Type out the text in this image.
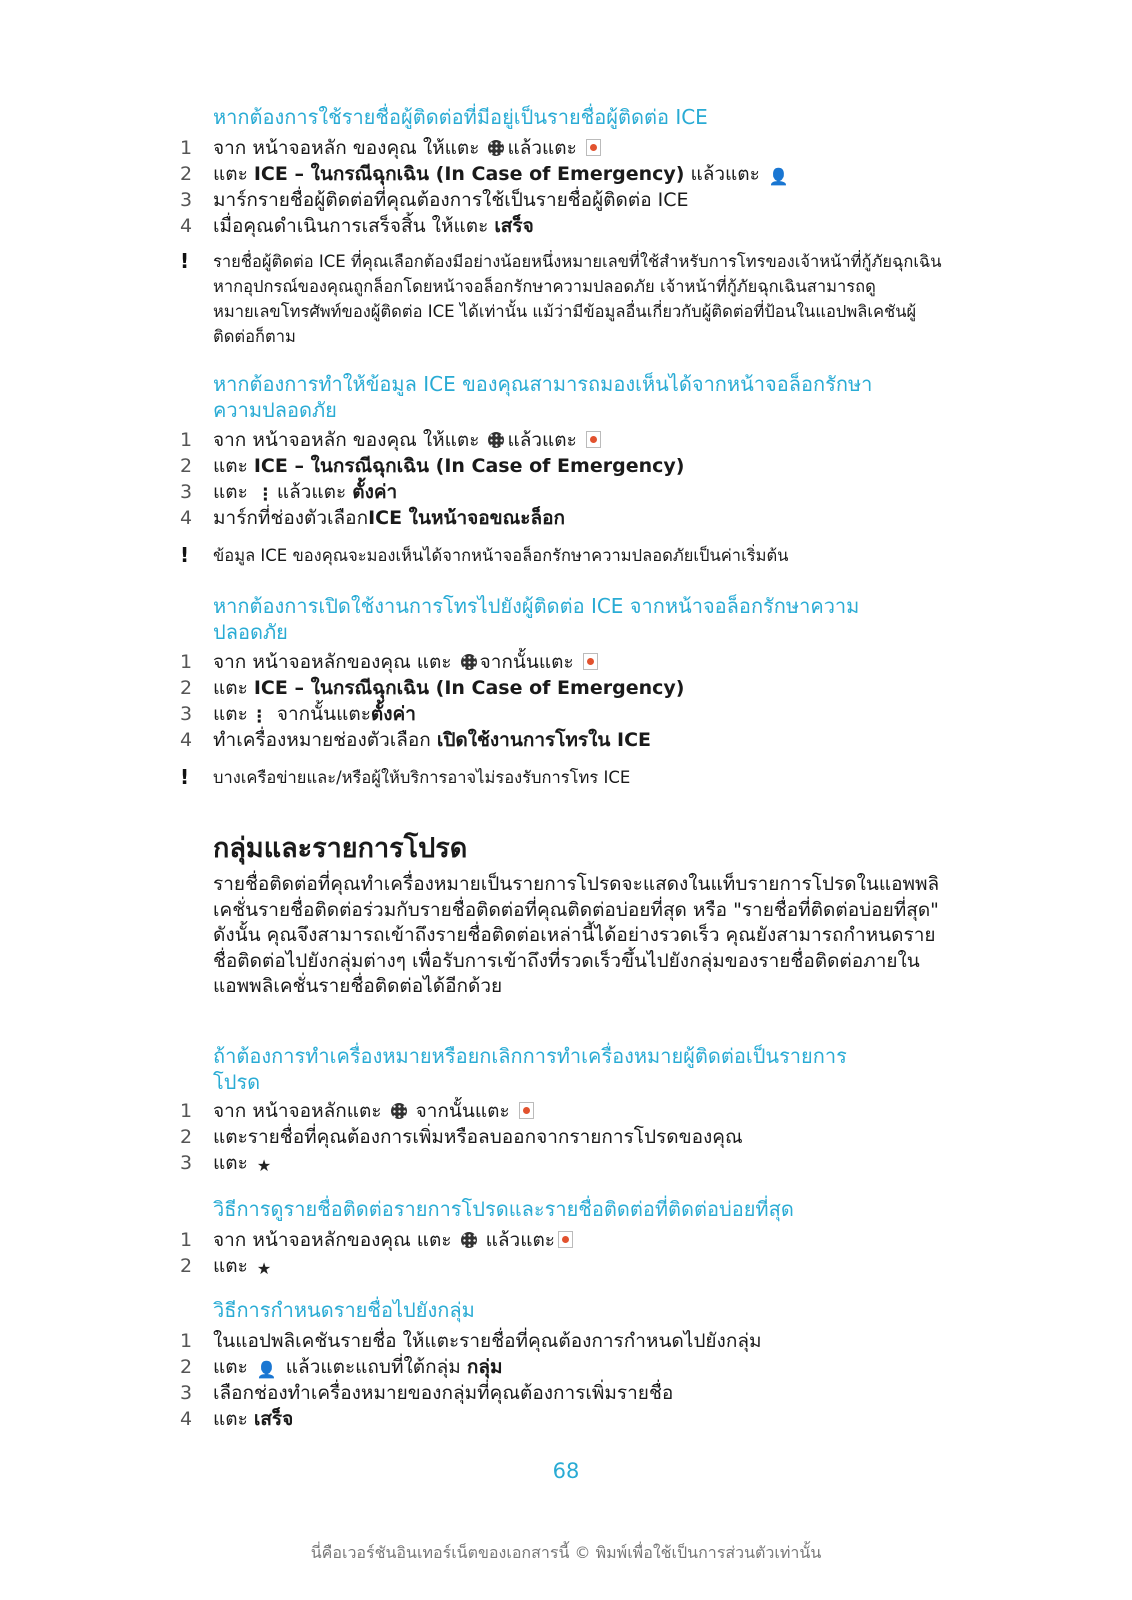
หากต้องการใช้รายชื่อผู้ติดต่อที่มีอยู่เป็นรายชื่อผู้ติดต่อ ICE
1	จาก หน้าจอหลัก ของคุณ ให้แตะ แล้วแตะ
2	แตะ ICE – ในกรณีฉุกเฉิน (In Case of Emergency) แล้วแตะ 👤
3	มาร์กรายชื่อผู้ติดต่อที่คุณต้องการใช้เป็นรายชื่อผู้ติดต่อ ICE
4	เมื่อคุณดำเนินการเสร็จสิ้น ให้แตะ เสร็จ
!	รายชื่อผู้ติดต่อ ICE ที่คุณเลือกต้องมีอย่างน้อยหนึ่งหมายเลขที่ใช้สำหรับการโทรของเจ้าหน้าที่กู้ภัยฉุกเฉิน หากอุปกรณ์ของคุณถูกล็อกโดยหน้าจอล็อกรักษาความปลอดภัย เจ้าหน้าที่กู้ภัยฉุกเฉินสามารถดูหมายเลขโทรศัพท์ของผู้ติดต่อ ICE ได้เท่านั้น แม้ว่ามีข้อมูลอื่นเกี่ยวกับผู้ติดต่อที่ป้อนในแอปพลิเคชันผู้ติดต่อก็ตาม
หากต้องการทำให้ข้อมูล ICE ของคุณสามารถมองเห็นได้จากหน้าจอล็อกรักษา
ความปลอดภัย
1	จาก หน้าจอหลัก ของคุณ ให้แตะ แล้วแตะ
2	แตะ ICE – ในกรณีฉุกเฉิน (In Case of Emergency)
3	แตะ ⋮ แล้วแตะ ตั้งค่า
4	มาร์กที่ช่องตัวเลือกICE ในหน้าจอขณะล็อก
!	ข้อมูล ICE ของคุณจะมองเห็นได้จากหน้าจอล็อกรักษาความปลอดภัยเป็นค่าเริ่มต้น
หากต้องการเปิดใช้งานการโทรไปยังผู้ติดต่อ ICE จากหน้าจอล็อกรักษาความ
ปลอดภัย
1	จาก หน้าจอหลักของคุณ แตะ จากนั้นแตะ
2	แตะ ICE – ในกรณีฉุกเฉิน (In Case of Emergency)
3	แตะ ⋮ จากนั้นแตะตั้งค่า
4	ทำเครื่องหมายช่องตัวเลือก เปิดใช้งานการโทรใน ICE
!	บางเครือข่ายและ/หรือผู้ให้บริการอาจไม่รองรับการโทร ICE
กลุ่มและรายการโปรด

รายชื่อติดต่อที่คุณทำเครื่องหมายเป็นรายการโปรดจะแสดงในแท็บรายการโปรดในแอพพลิเคชั่นรายชื่อติดต่อร่วมกับรายชื่อติดต่อที่คุณติดต่อบ่อยที่สุด หรือ "รายชื่อที่ติดต่อบ่อยที่สุด" ดังนั้น คุณจึงสามารถเข้าถึงรายชื่อติดต่อเหล่านี้ได้อย่างรวดเร็ว คุณยังสามารถกำหนดรายชื่อติดต่อไปยังกลุ่มต่างๆ เพื่อรับการเข้าถึงที่รวดเร็วขึ้นไปยังกลุ่มของรายชื่อติดต่อภายในแอพพลิเคชั่นรายชื่อติดต่อได้อีกด้วย

ถ้าต้องการทำเครื่องหมายหรือยกเลิกการทำเครื่องหมายผู้ติดต่อเป็นรายการ
โปรด
1	จาก หน้าจอหลักแตะ  จากนั้นแตะ
2	แตะรายชื่อที่คุณต้องการเพิ่มหรือลบออกจากรายการโปรดของคุณ
3	แตะ ★
วิธีการดูรายชื่อติดต่อรายการโปรดและรายชื่อติดต่อที่ติดต่อบ่อยที่สุด
1	จาก หน้าจอหลักของคุณ แตะ  แล้วแตะ
2	แตะ ★
วิธีการกำหนดรายชื่อไปยังกลุ่ม
1	ในแอปพลิเคชันรายชื่อ ให้แตะรายชื่อที่คุณต้องการกำหนดไปยังกลุ่ม
2	แตะ 👤 แล้วแตะแถบที่ใต้กลุ่ม กลุ่ม
3	เลือกช่องทำเครื่องหมายของกลุ่มที่คุณต้องการเพิ่มรายชื่อ
4	แตะ เสร็จ
68
นี่คือเวอร์ชันอินเทอร์เน็ตของเอกสารนี้ © พิมพ์เพื่อใช้เป็นการส่วนตัวเท่านั้น
